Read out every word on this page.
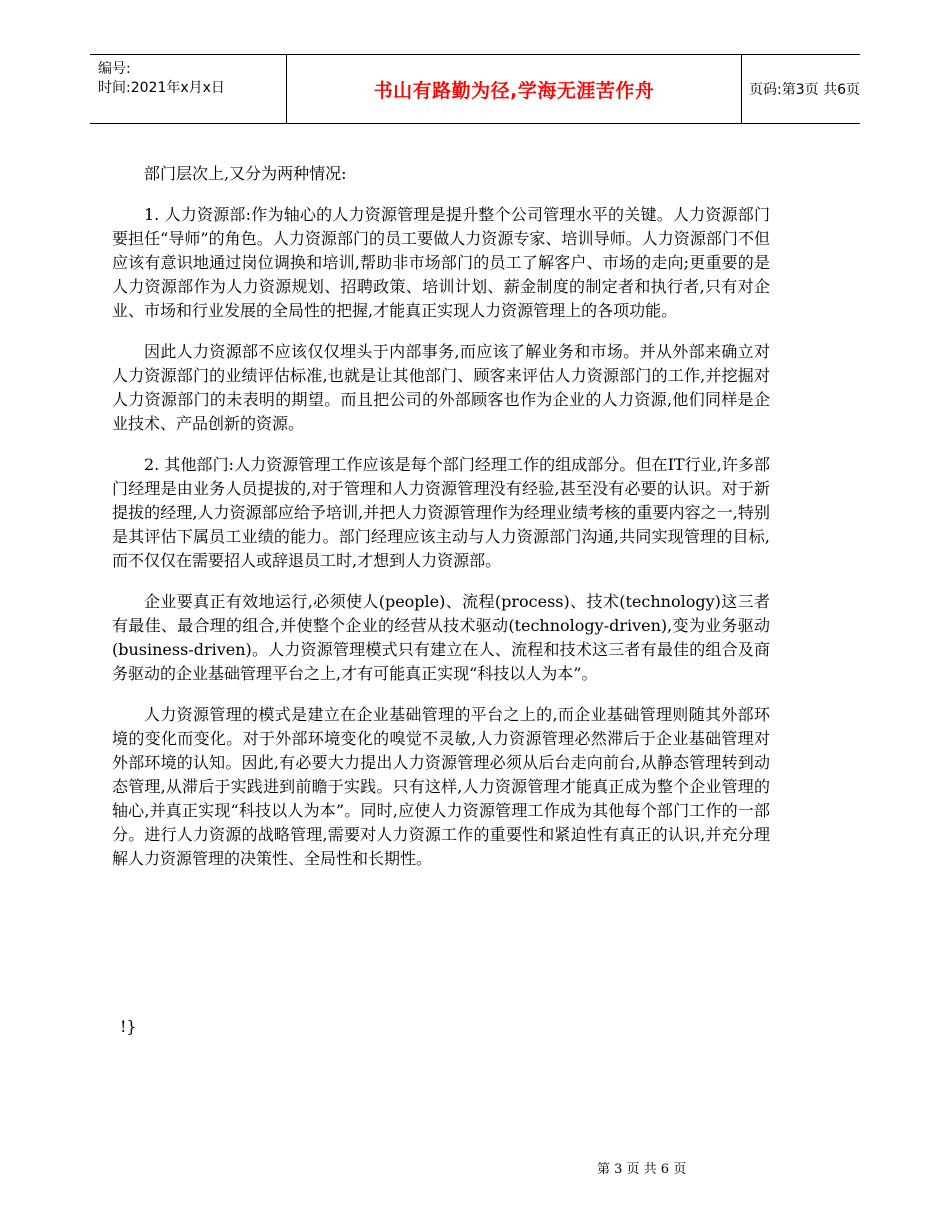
编号:
时间:2021年x月x日	书山有路勤为径,学海无涯苦作舟	页码:第3页 共6页

部门层次上,又分为两种情况:

1. 人力资源部:作为轴心的人力资源管理是提升整个公司管理水平的关键。人力资源部门要担任“导师”的角色。人力资源部门的员工要做人力资源专家、培训导师。人力资源部门不但应该有意识地通过岗位调换和培训,帮助非市场部门的员工了解客户、市场的走向;更重要的是人力资源部作为人力资源规划、招聘政策、培训计划、薪金制度的制定者和执行者,只有对企业、市场和行业发展的全局性的把握,才能真正实现人力资源管理上的各项功能。

因此人力资源部不应该仅仅埋头于内部事务,而应该了解业务和市场。并从外部来确立对人力资源部门的业绩评估标准,也就是让其他部门、顾客来评估人力资源部门的工作,并挖掘对人力资源部门的未表明的期望。而且把公司的外部顾客也作为企业的人力资源,他们同样是企业技术、产品创新的资源。

2. 其他部门:人力资源管理工作应该是每个部门经理工作的组成部分。但在IT行业,许多部门经理是由业务人员提拔的,对于管理和人力资源管理没有经验,甚至没有必要的认识。对于新提拔的经理,人力资源部应给予培训,并把人力资源管理作为经理业绩考核的重要内容之一,特别是其评估下属员工业绩的能力。部门经理应该主动与人力资源部门沟通,共同实现管理的目标,而不仅仅在需要招人或辞退员工时,才想到人力资源部。

企业要真正有效地运行,必须使人(people)、流程(process)、技术(technology)这三者有最佳、最合理的组合,并使整个企业的经营从技术驱动(technology-driven),变为业务驱动(business-driven)。人力资源管理模式只有建立在人、流程和技术这三者有最佳的组合及商务驱动的企业基础管理平台之上,才有可能真正实现“科技以人为本”。

人力资源管理的模式是建立在企业基础管理的平台之上的,而企业基础管理则随其外部环境的变化而变化。对于外部环境变化的嗅觉不灵敏,人力资源管理必然滞后于企业基础管理对外部环境的认知。因此,有必要大力提出人力资源管理必须从后台走向前台,从静态管理转到动态管理,从滞后于实践进到前瞻于实践。只有这样,人力资源管理才能真正成为整个企业管理的轴心,并真正实现“科技以人为本”。同时,应使人力资源管理工作成为其他每个部门工作的一部分。进行人力资源的战略管理,需要对人力资源工作的重要性和紧迫性有真正的认识,并充分理解人力资源管理的决策性、全局性和长期性。

!}
第 3 页 共 6 页
